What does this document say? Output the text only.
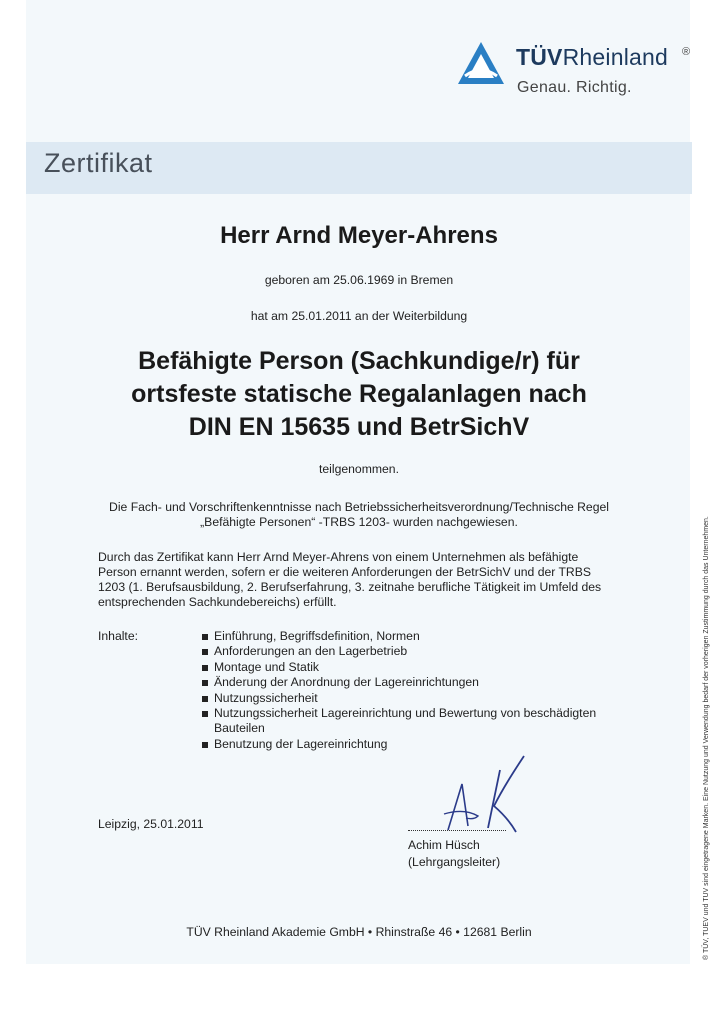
TÜVRheinland ®
Genau. Richtig.
Zertifikat
Herr Arnd Meyer-Ahrens
geboren am 25.06.1969 in Bremen
hat am 25.01.2011 an der Weiterbildung
Befähigte Person (Sachkundige/r) für
ortsfeste statische Regalanlagen nach
DIN EN 15635 und BetrSichV
teilgenommen.
Die Fach- und Vorschriftenkenntnisse nach Betriebssicherheitsverordnung/Technische Regel
„Befähigte Personen“ -TRBS 1203- wurden nachgewiesen.
Durch das Zertifikat kann Herr Arnd Meyer-Ahrens von einem Unternehmen als befähigte
Person ernannt werden, sofern er die weiteren Anforderungen der BetrSichV und der TRBS
1203 (1. Berufsausbildung, 2. Berufserfahrung, 3. zeitnahe berufliche Tätigkeit im Umfeld des
entsprechenden Sachkundebereichs) erfüllt.
Inhalte:	Einführung, Begriffsdefinition, Normen
Anforderungen an den Lagerbetrieb
Montage und Statik
Änderung der Anordnung der Lagereinrichtungen
Nutzungssicherheit
Nutzungssicherheit Lagereinrichtung und Bewertung von beschädigten Bauteilen
Benutzung der Lagereinrichtung
Leipzig, 25.01.2011
Achim Hüsch
(Lehrgangsleiter)
TÜV Rheinland Akademie GmbH • Rhinstraße 46 • 12681 Berlin	® TÜV, TUEV und TUV sind eingetragene Marken. Eine Nutzung und Verwendung bedarf der vorherigen Zustimmung durch das Unternehmen.
